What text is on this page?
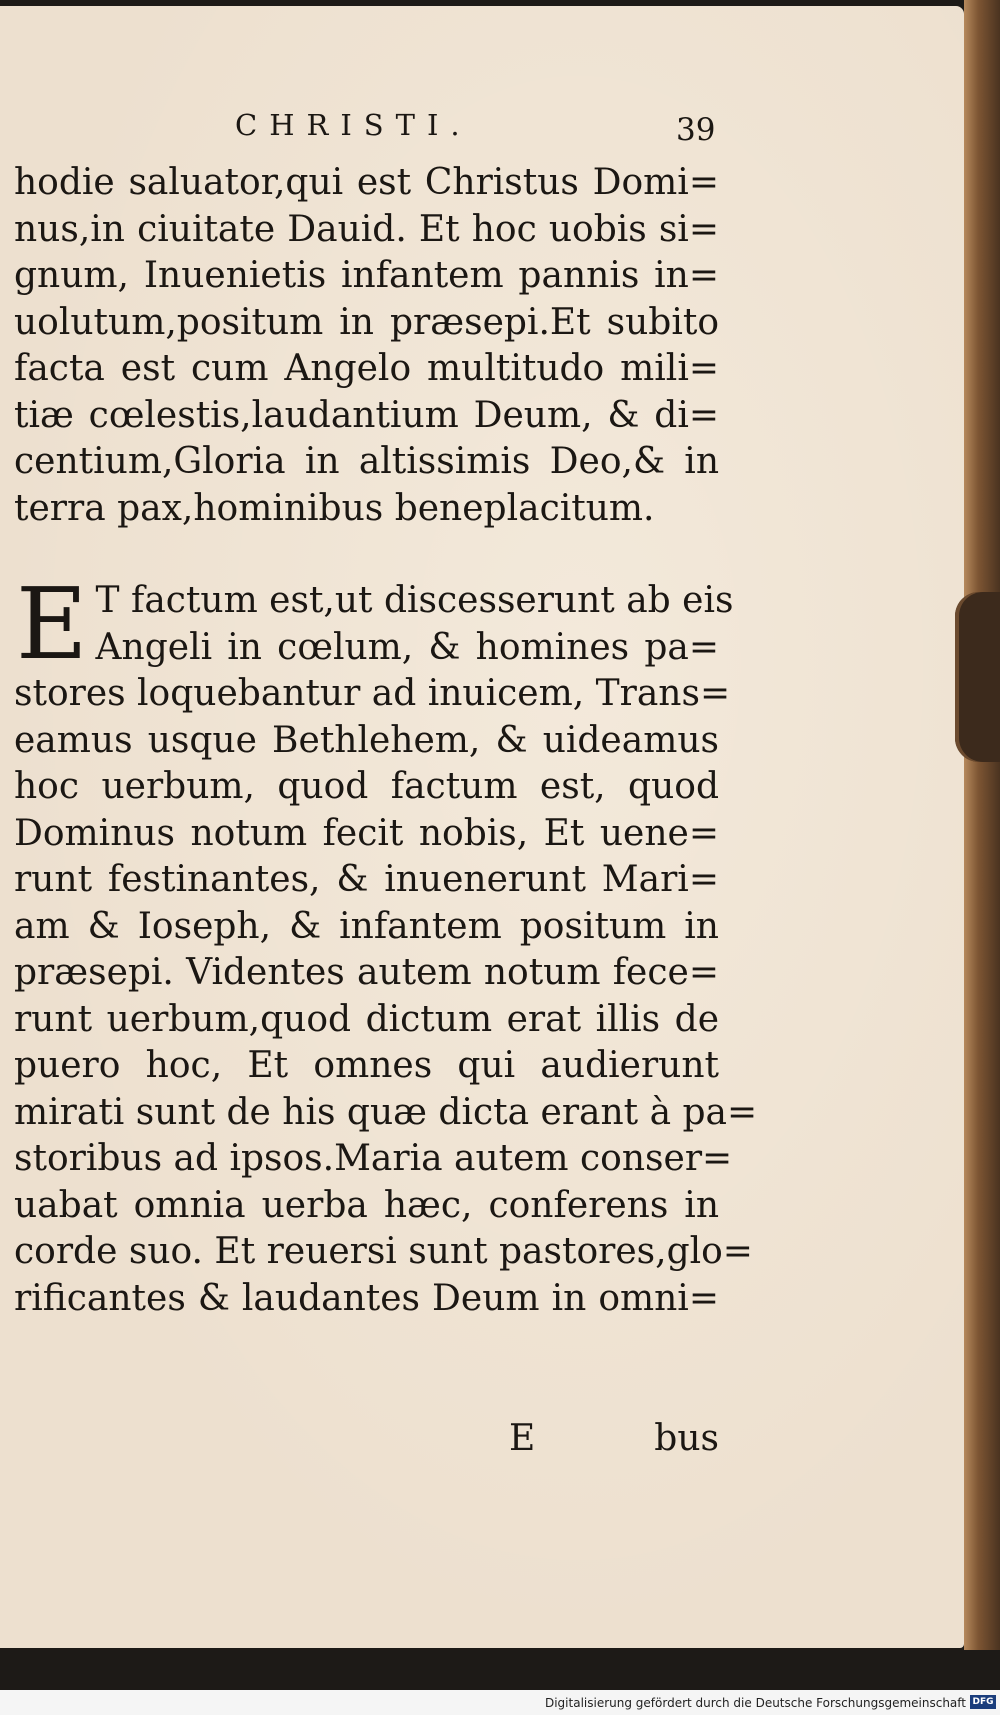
CHRISTI.	39
hodie saluator,qui est Christus Domi=
nus,in ciuitate Dauid. Et hoc uobis si=
gnum, Inuenietis infantem pannis in=
uolutum,positum in præsepi.Et subito
facta est cum Angelo multitudo mili=
tiæ cœlestis,laudantium Deum, & di=
centium,Gloria in altissimis Deo,& in
terra pax,hominibus beneplacitum.
E T factum est,ut discesserunt ab eis
Angeli in cœlum, & homines pa=
stores loquebantur ad inuicem, Trans=
eamus usque Bethlehem, & uideamus
hoc uerbum, quod factum est, quod
Dominus notum fecit nobis, Et uene=
runt festinantes, & inuenerunt Mari=
am & Ioseph, & infantem positum in
præsepi. Videntes autem notum fece=
runt uerbum,quod dictum erat illis de
puero hoc, Et omnes qui audierunt
mirati sunt de his quæ dicta erant à pa=
storibus ad ipsos.Maria autem conser=
uabat omnia uerba hæc, conferens in
corde suo. Et reuersi sunt pastores,glo=
rificantes & laudantes Deum in omni=
E	bus
Digitalisierung gefördert durch die Deutsche Forschungsgemeinschaft DFG
